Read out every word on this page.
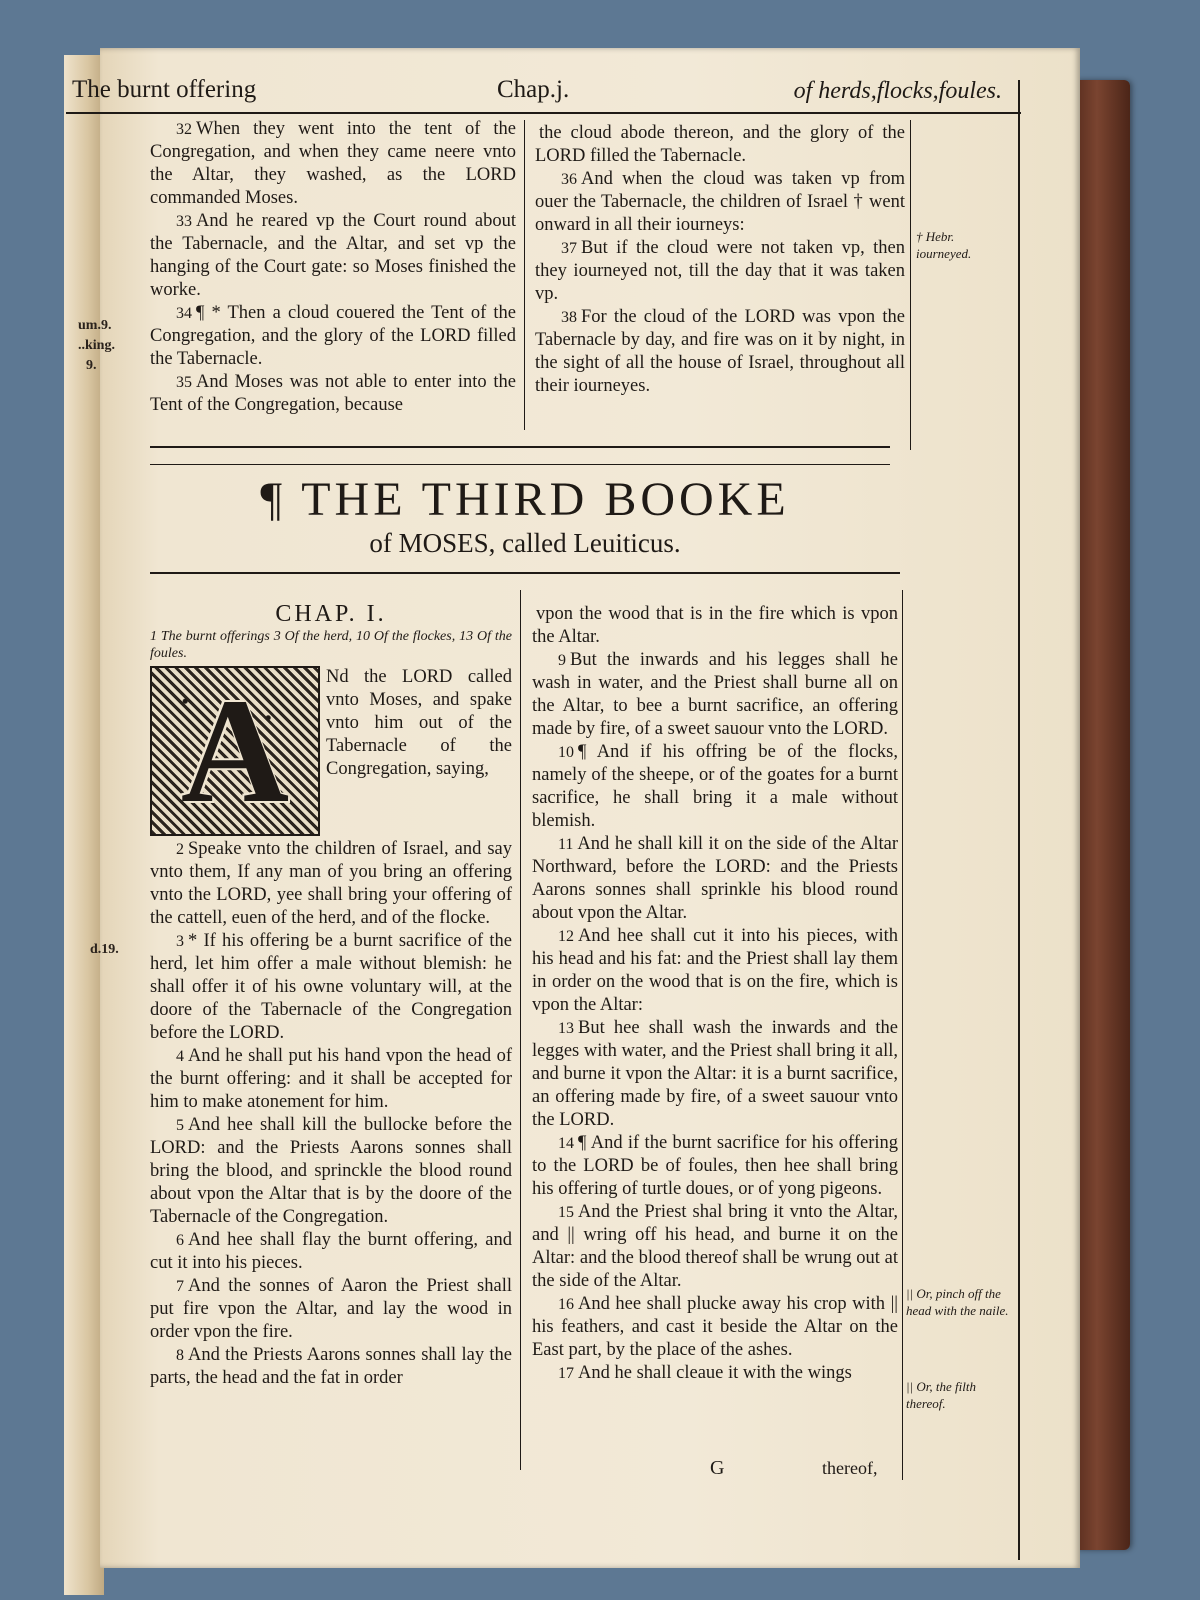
um.9.
..king.
9.
d.19.
The burnt offering	Chap.j.	of herds,flocks,foules.

32 When they went into the tent of the Congregation, and when they came neere vnto the Altar, they washed, as the LORD commanded Moses.

33 And he reared vp the Court round about the Tabernacle, and the Altar, and set vp the hanging of the Court gate: so Moses finished the worke.

34 ¶ * Then a cloud couered the Tent of the Congregation, and the glory of the LORD filled the Tabernacle.

35 And Moses was not able to enter into the Tent of the Congregation, because

the cloud abode thereon, and the glory of the LORD filled the Tabernacle.

36 And when the cloud was taken vp from ouer the Tabernacle, the children of Israel † went onward in all their iourneys:

37 But if the cloud were not taken vp, then they iourneyed not, till the day that it was taken vp.

38 For the cloud of the LORD was vpon the Tabernacle by day, and fire was on it by night, in the sight of all the house of Israel, throughout all their iourneyes.

† Hebr. iourneyed.
¶ THE THIRD BOOKE
of MOSES, called Leuiticus.
CHAP. I.
1 The burnt offerings 3 Of the herd, 10 Of the flockes, 13 Of the foules.
A	Nd the LORD called vnto Moses, and spake vnto him out of the Tabernacle of the Congregation, saying,

2 Speake vnto the children of Israel, and say vnto them, If any man of you bring an offering vnto the LORD, yee shall bring your offering of the cattell, euen of the herd, and of the flocke.

3 * If his offering be a burnt sacrifice of the herd, let him offer a male without blemish: he shall offer it of his owne voluntary will, at the doore of the Tabernacle of the Congregation before the LORD.

4 And he shall put his hand vpon the head of the burnt offering: and it shall be accepted for him to make atonement for him.

5 And hee shall kill the bullocke before the LORD: and the Priests Aarons sonnes shall bring the blood, and sprinckle the blood round about vpon the Altar that is by the doore of the Tabernacle of the Congregation.

6 And hee shall flay the burnt offering, and cut it into his pieces.

7 And the sonnes of Aaron the Priest shall put fire vpon the Altar, and lay the wood in order vpon the fire.

8 And the Priests Aarons sonnes shall lay the parts, the head and the fat in order

vpon the wood that is in the fire which is vpon the Altar.

9 But the inwards and his legges shall he wash in water, and the Priest shall burne all on the Altar, to bee a burnt sacrifice, an offering made by fire, of a sweet sauour vnto the LORD.

10 ¶ And if his offring be of the flocks, namely of the sheepe, or of the goates for a burnt sacrifice, he shall bring it a male without blemish.

11 And he shall kill it on the side of the Altar Northward, before the LORD: and the Priests Aarons sonnes shall sprinkle his blood round about vpon the Altar.

12 And hee shall cut it into his pieces, with his head and his fat: and the Priest shall lay them in order on the wood that is on the fire, which is vpon the Altar:

13 But hee shall wash the inwards and the legges with water, and the Priest shall bring it all, and burne it vpon the Altar: it is a burnt sacrifice, an offering made by fire, of a sweet sauour vnto the LORD.

14 ¶ And if the burnt sacrifice for his offering to the LORD be of foules, then hee shall bring his offering of turtle doues, or of yong pigeons.

15 And the Priest shal bring it vnto the Altar, and || wring off his head, and burne it on the Altar: and the blood thereof shall be wrung out at the side of the Altar.

16 And hee shall plucke away his crop with || his feathers, and cast it beside the Altar on the East part, by the place of the ashes.

17 And he shall cleaue it with the wings

|| Or, pinch off the head with the naile.
|| Or, the filth thereof.
G	thereof,
